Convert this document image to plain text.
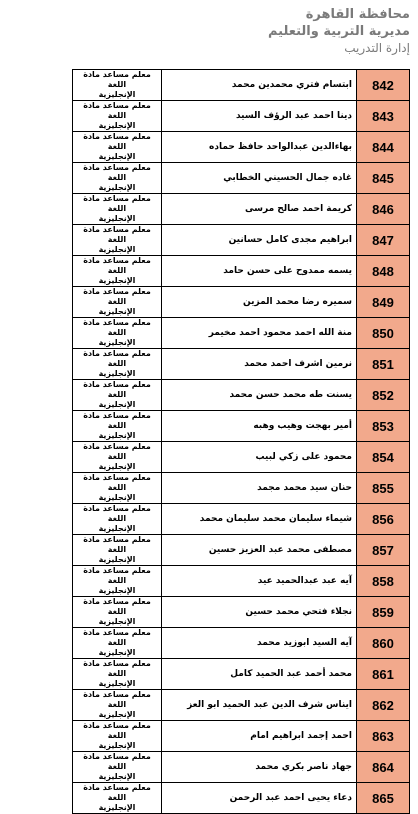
محافظة القاهرة
مديرية التربية والتعليم
إدارة التدريب
معلم مساعد مادة اللغة
الإنجليزية	ابتسام فتري محمدين محمد	842
معلم مساعد مادة اللغة
الإنجليزية	دينا احمد عبد الرؤف السيد	843
معلم مساعد مادة اللغة
الإنجليزية	بهاءالدين عبدالواحد حافظ حماده	844
معلم مساعد مادة اللغة
الإنجليزية	غاده جمال الحسيني الخطابي	845
معلم مساعد مادة اللغة
الإنجليزية	كريمة احمد صالح مرسى	846
معلم مساعد مادة اللغة
الإنجليزية	ابراهيم مجدى كامل حسانين	847
معلم مساعد مادة اللغة
الإنجليزية	يسمه ممدوح على حسن حامد	848
معلم مساعد مادة اللغة
الإنجليزية	سميره رضا محمد المزين	849
معلم مساعد مادة اللغة
الإنجليزية	منة الله احمد محمود احمد مخيمر	850
معلم مساعد مادة اللغة
الإنجليزية	نرمين اشرف احمد محمد	851
معلم مساعد مادة اللغة
الإنجليزية	يسنت طه محمد حسن محمد	852
معلم مساعد مادة اللغة
الإنجليزية	أمير بهجت وهيب وهبه	853
معلم مساعد مادة اللغة
الإنجليزية	محمود على زكي لبيب	854
معلم مساعد مادة اللغة
الإنجليزية	حنان سيد محمد مجمد	855
معلم مساعد مادة اللغة
الإنجليزية	شيماء سليمان محمد سليمان محمد	856
معلم مساعد مادة اللغة
الإنجليزية	مصطفى محمد عبد العزيز حسين	857
معلم مساعد مادة اللغة
الإنجليزية	آيه عبد عبدالحميد عيد	858
معلم مساعد مادة اللغة
الإنجليزية	نجلاء فتحي محمد حسين	859
معلم مساعد مادة اللغة
الإنجليزية	آيه السيد ابوزيد محمد	860
معلم مساعد مادة اللغة
الإنجليزية	محمد أحمد عبد الحميد كامل	861
معلم مساعد مادة اللغة
الإنجليزية	ايناس شرف الدين عبد الحميد ابو العز	862
معلم مساعد مادة اللغة
الإنجليزية	احمد إجمد ابراهيم امام	863
معلم مساعد مادة اللغة
الإنجليزية	جهاد ناصر بكري محمد	864
معلم مساعد مادة اللغة
الإنجليزية	دعاء يحيى احمد عبد الرحمن	865
